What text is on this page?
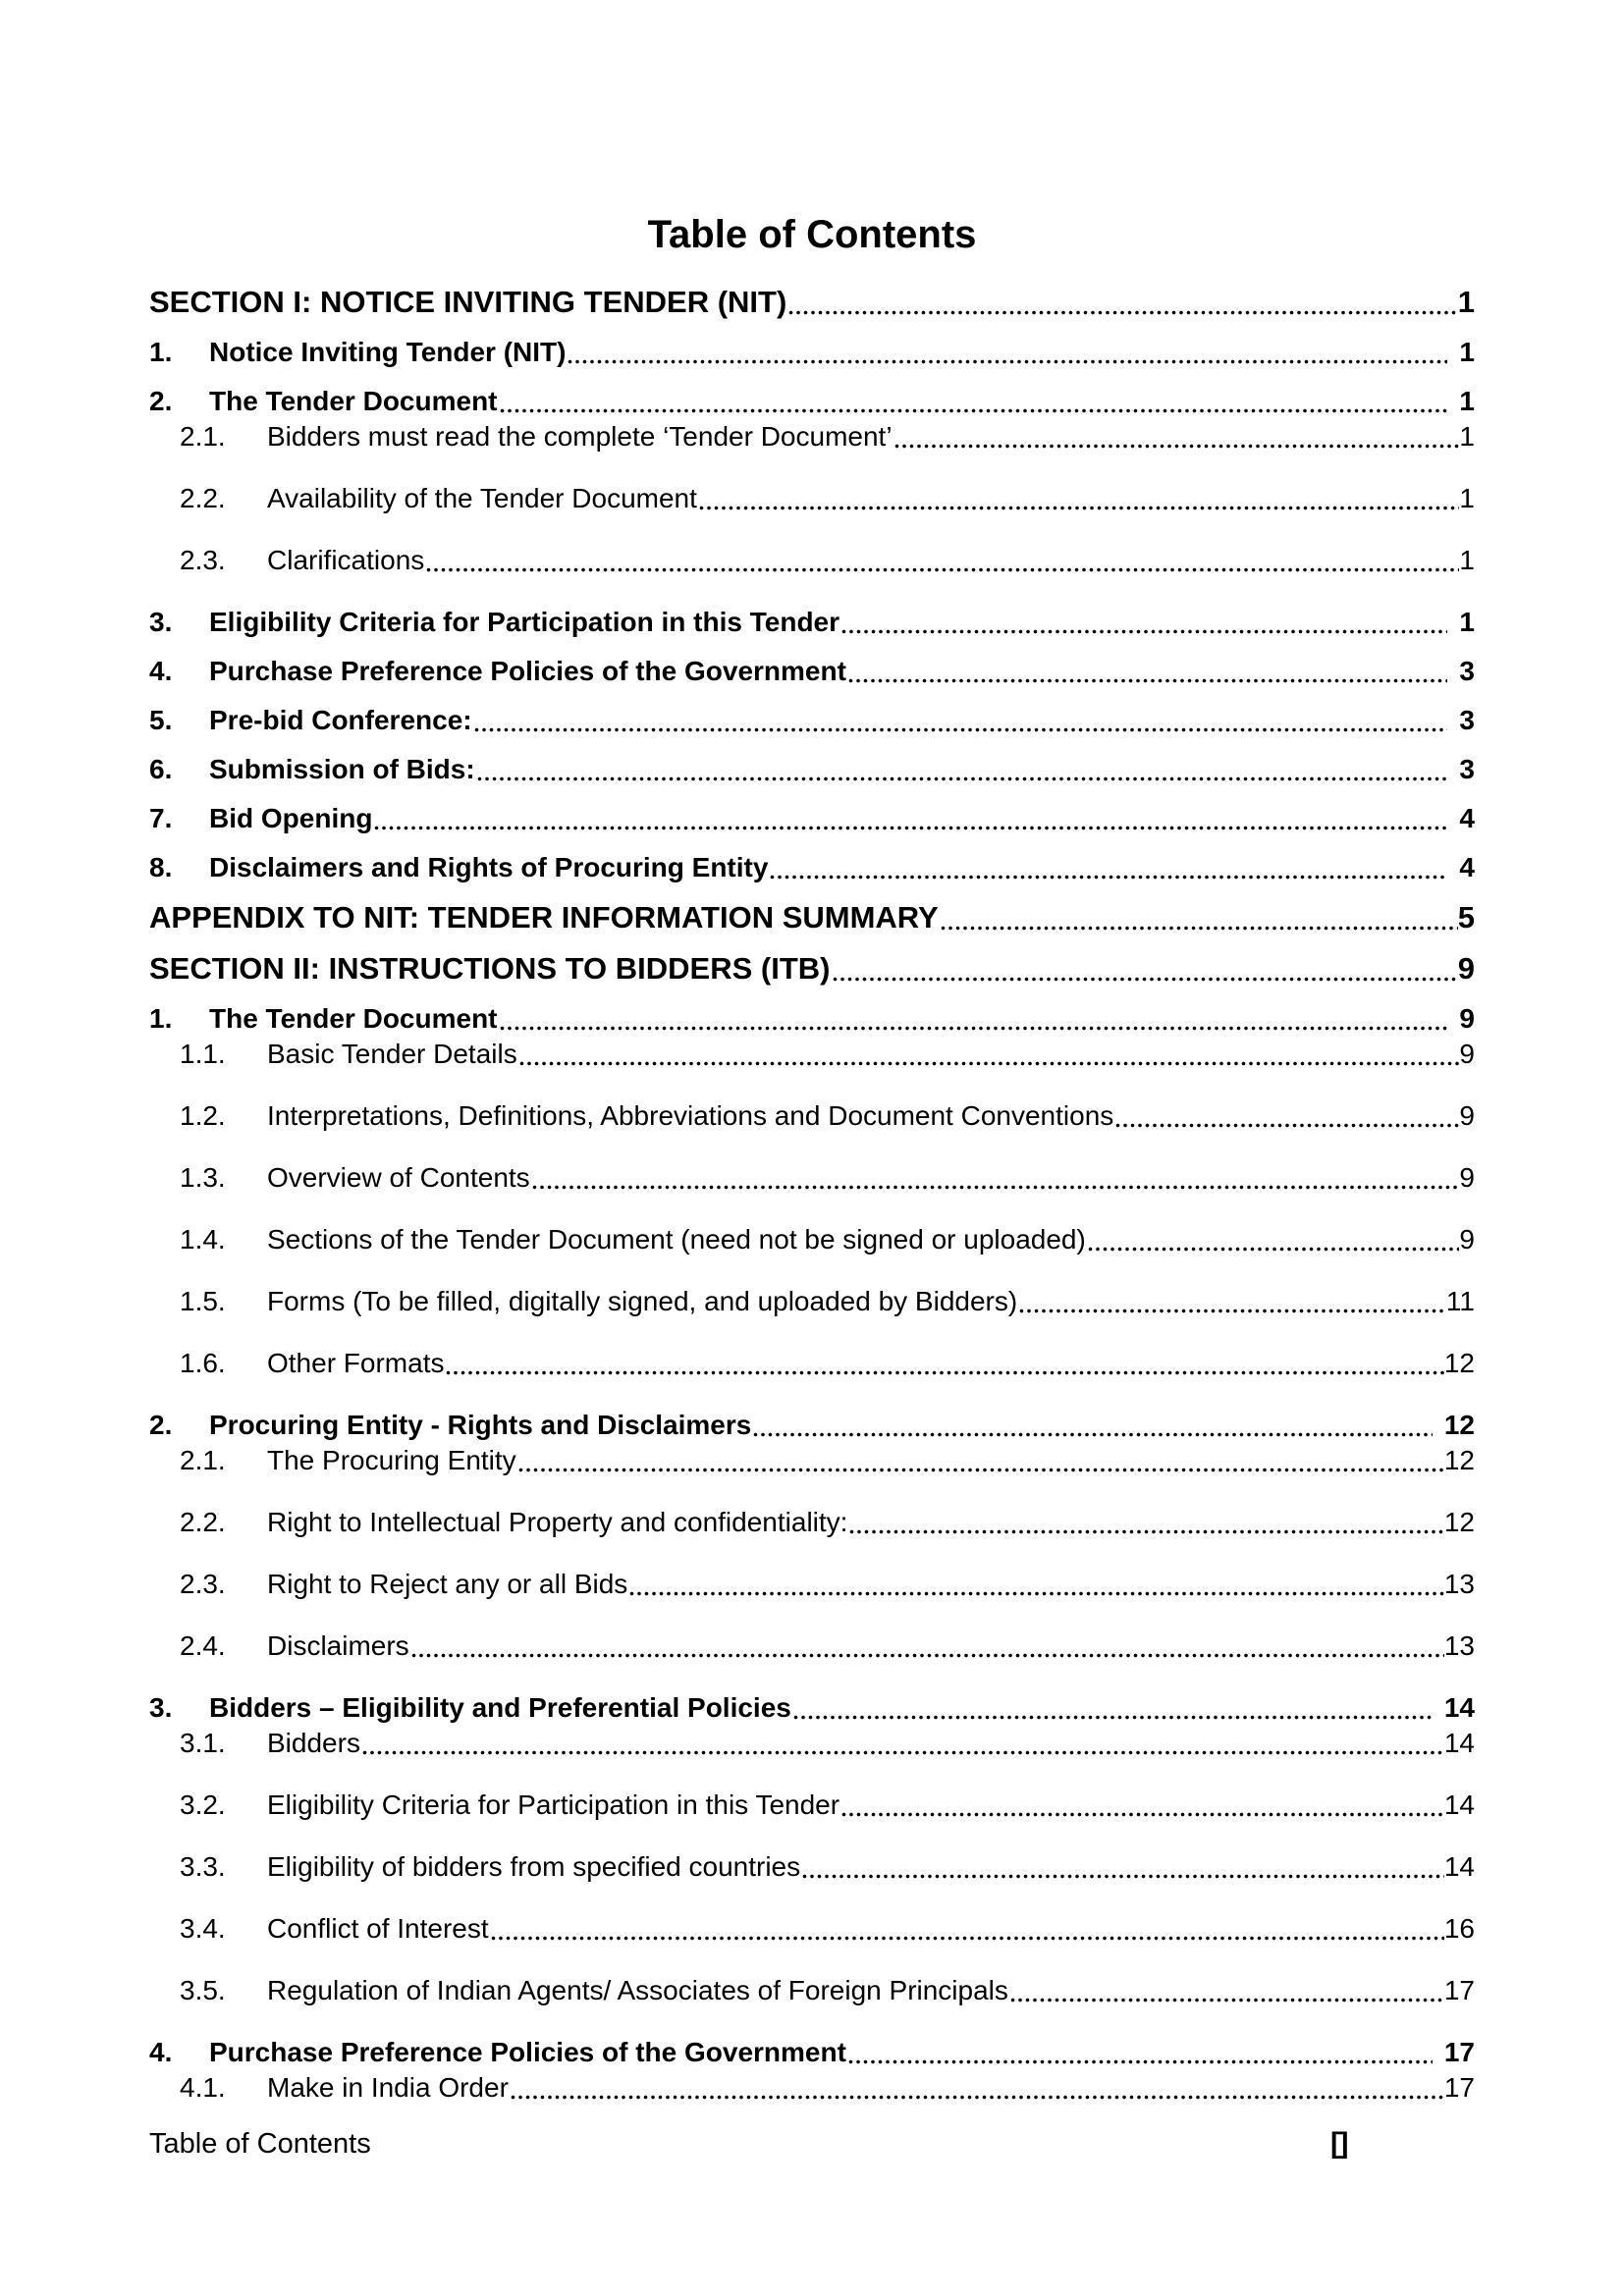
Table of Contents
SECTION I: NOTICE INVITING TENDER (NIT)	1
1.	Notice Inviting Tender (NIT)	1
2.	The Tender Document	1
2.1.	Bidders must read the complete ‘Tender Document’	1
2.2.	Availability of the Tender Document	1
2.3.	Clarifications	1
3.	Eligibility Criteria for Participation in this Tender	1
4.	Purchase Preference Policies of the Government	3
5.	Pre-bid Conference:	3
6.	Submission of Bids:	3
7.	Bid Opening	4
8.	Disclaimers and Rights of Procuring Entity	4
APPENDIX TO NIT: TENDER INFORMATION SUMMARY	5
SECTION II: INSTRUCTIONS TO BIDDERS (ITB)	9
1.	The Tender Document	9
1.1.	Basic Tender Details	9
1.2.	Interpretations, Definitions, Abbreviations and Document Conventions	9
1.3.	Overview of Contents	9
1.4.	Sections of the Tender Document (need not be signed or uploaded)	9
1.5.	Forms (To be filled, digitally signed, and uploaded by Bidders)	11
1.6.	Other Formats	12
2.	Procuring Entity - Rights and Disclaimers	12
2.1.	The Procuring Entity	12
2.2.	Right to Intellectual Property and confidentiality:	12
2.3.	Right to Reject any or all Bids	13
2.4.	Disclaimers	13
3.	Bidders – Eligibility and Preferential Policies	14
3.1.	Bidders	14
3.2.	Eligibility Criteria for Participation in this Tender	14
3.3.	Eligibility of bidders from specified countries	14
3.4.	Conflict of Interest	16
3.5.	Regulation of Indian Agents/ Associates of Foreign Principals	17
4.	Purchase Preference Policies of the Government	17
4.1.	Make in India Order	17
Table of Contents	[]
